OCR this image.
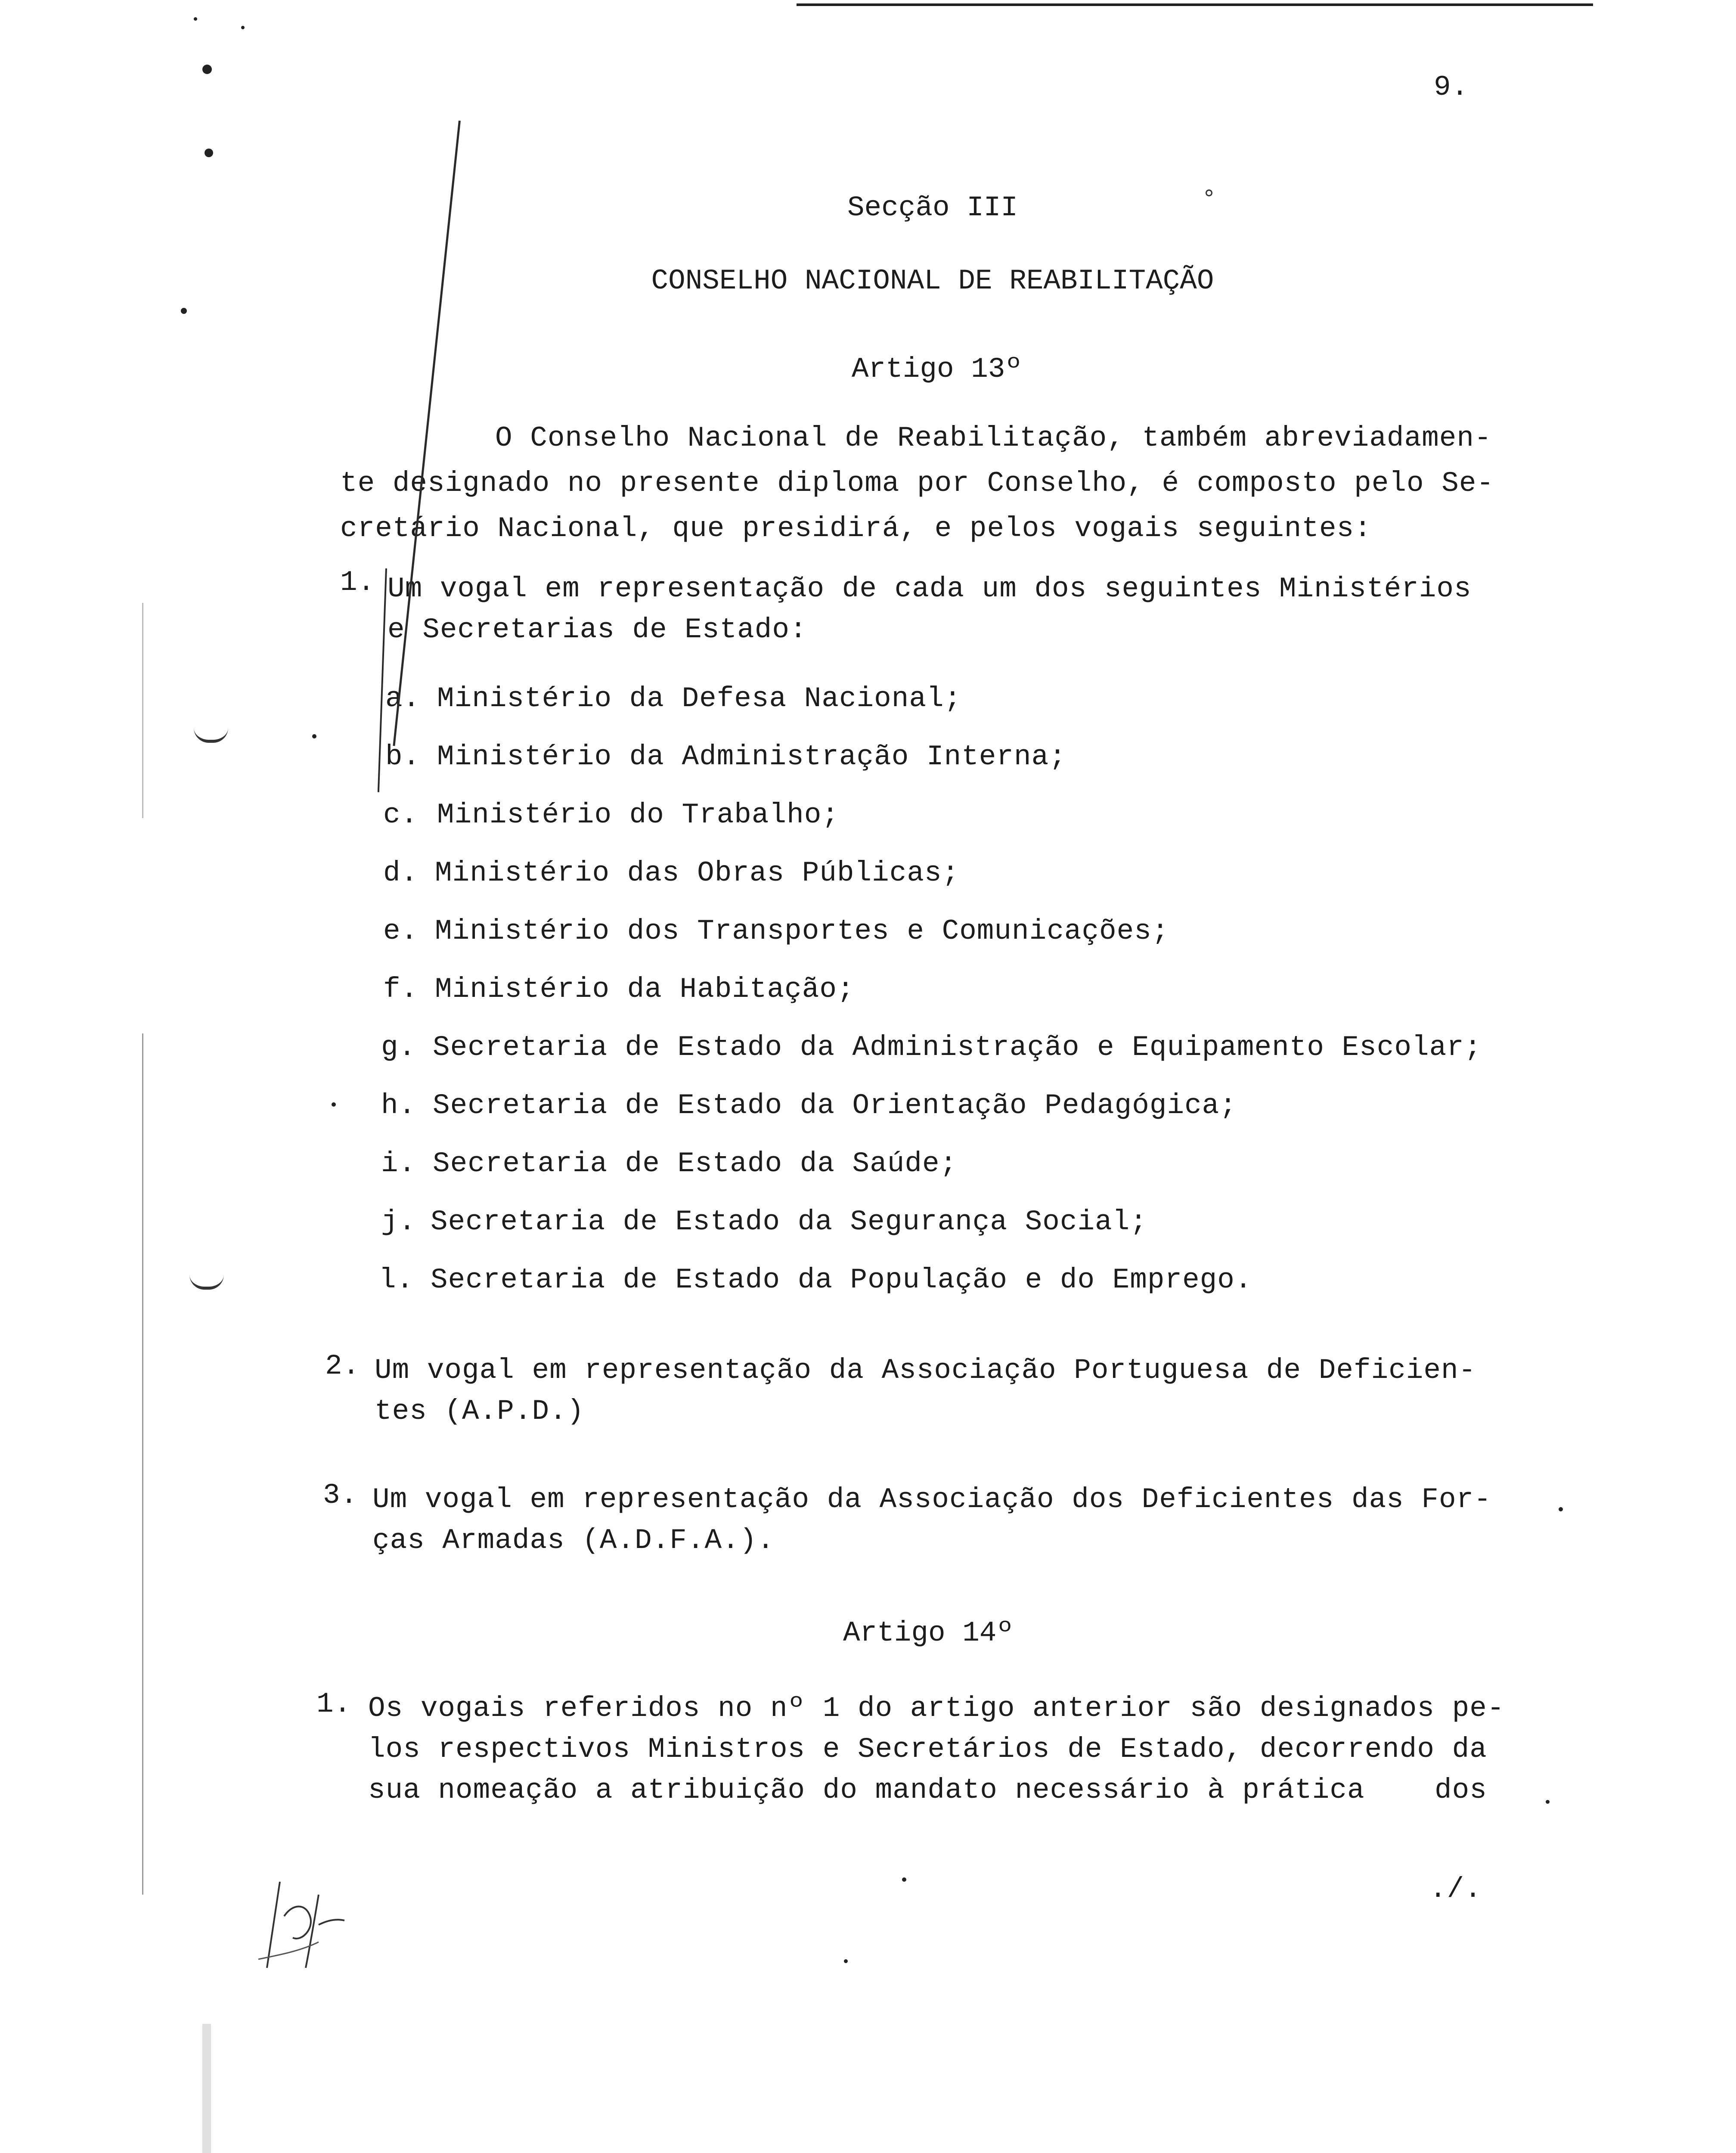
9.
Secção III
CONSELHO NACIONAL DE REABILITAÇÃO
Artigo 13º
O Conselho Nacional de Reabilitação, também abreviadamen-
te designado no presente diploma por Conselho, é composto pelo Se-
cretário Nacional, que presidirá, e pelos vogais seguintes:
1. Um vogal em representação de cada um dos seguintes Ministérios
e Secretarias de Estado:
a. Ministério da Defesa Nacional;
b. Ministério da Administração Interna;
c. Ministério do Trabalho;
d. Ministério das Obras Públicas;
e. Ministério dos Transportes e Comunicações;
f. Ministério da Habitação;
g. Secretaria de Estado da Administração e Equipamento Escolar;
h. Secretaria de Estado da Orientação Pedagógica;
i. Secretaria de Estado da Saúde;
j. Secretaria de Estado da Segurança Social;
l. Secretaria de Estado da População e do Emprego.
2. Um vogal em representação da Associação Portuguesa de Deficien-
tes (A.P.D.)
3. Um vogal em representação da Associação dos Deficientes das For-
ças Armadas (A.D.F.A.).
Artigo 14º
1. Os vogais referidos no nº 1 do artigo anterior são designados pe-
los respectivos Ministros e Secretários de Estado, decorrendo da
sua nomeação a atribuição do mandato necessário à prática    dos
./.
